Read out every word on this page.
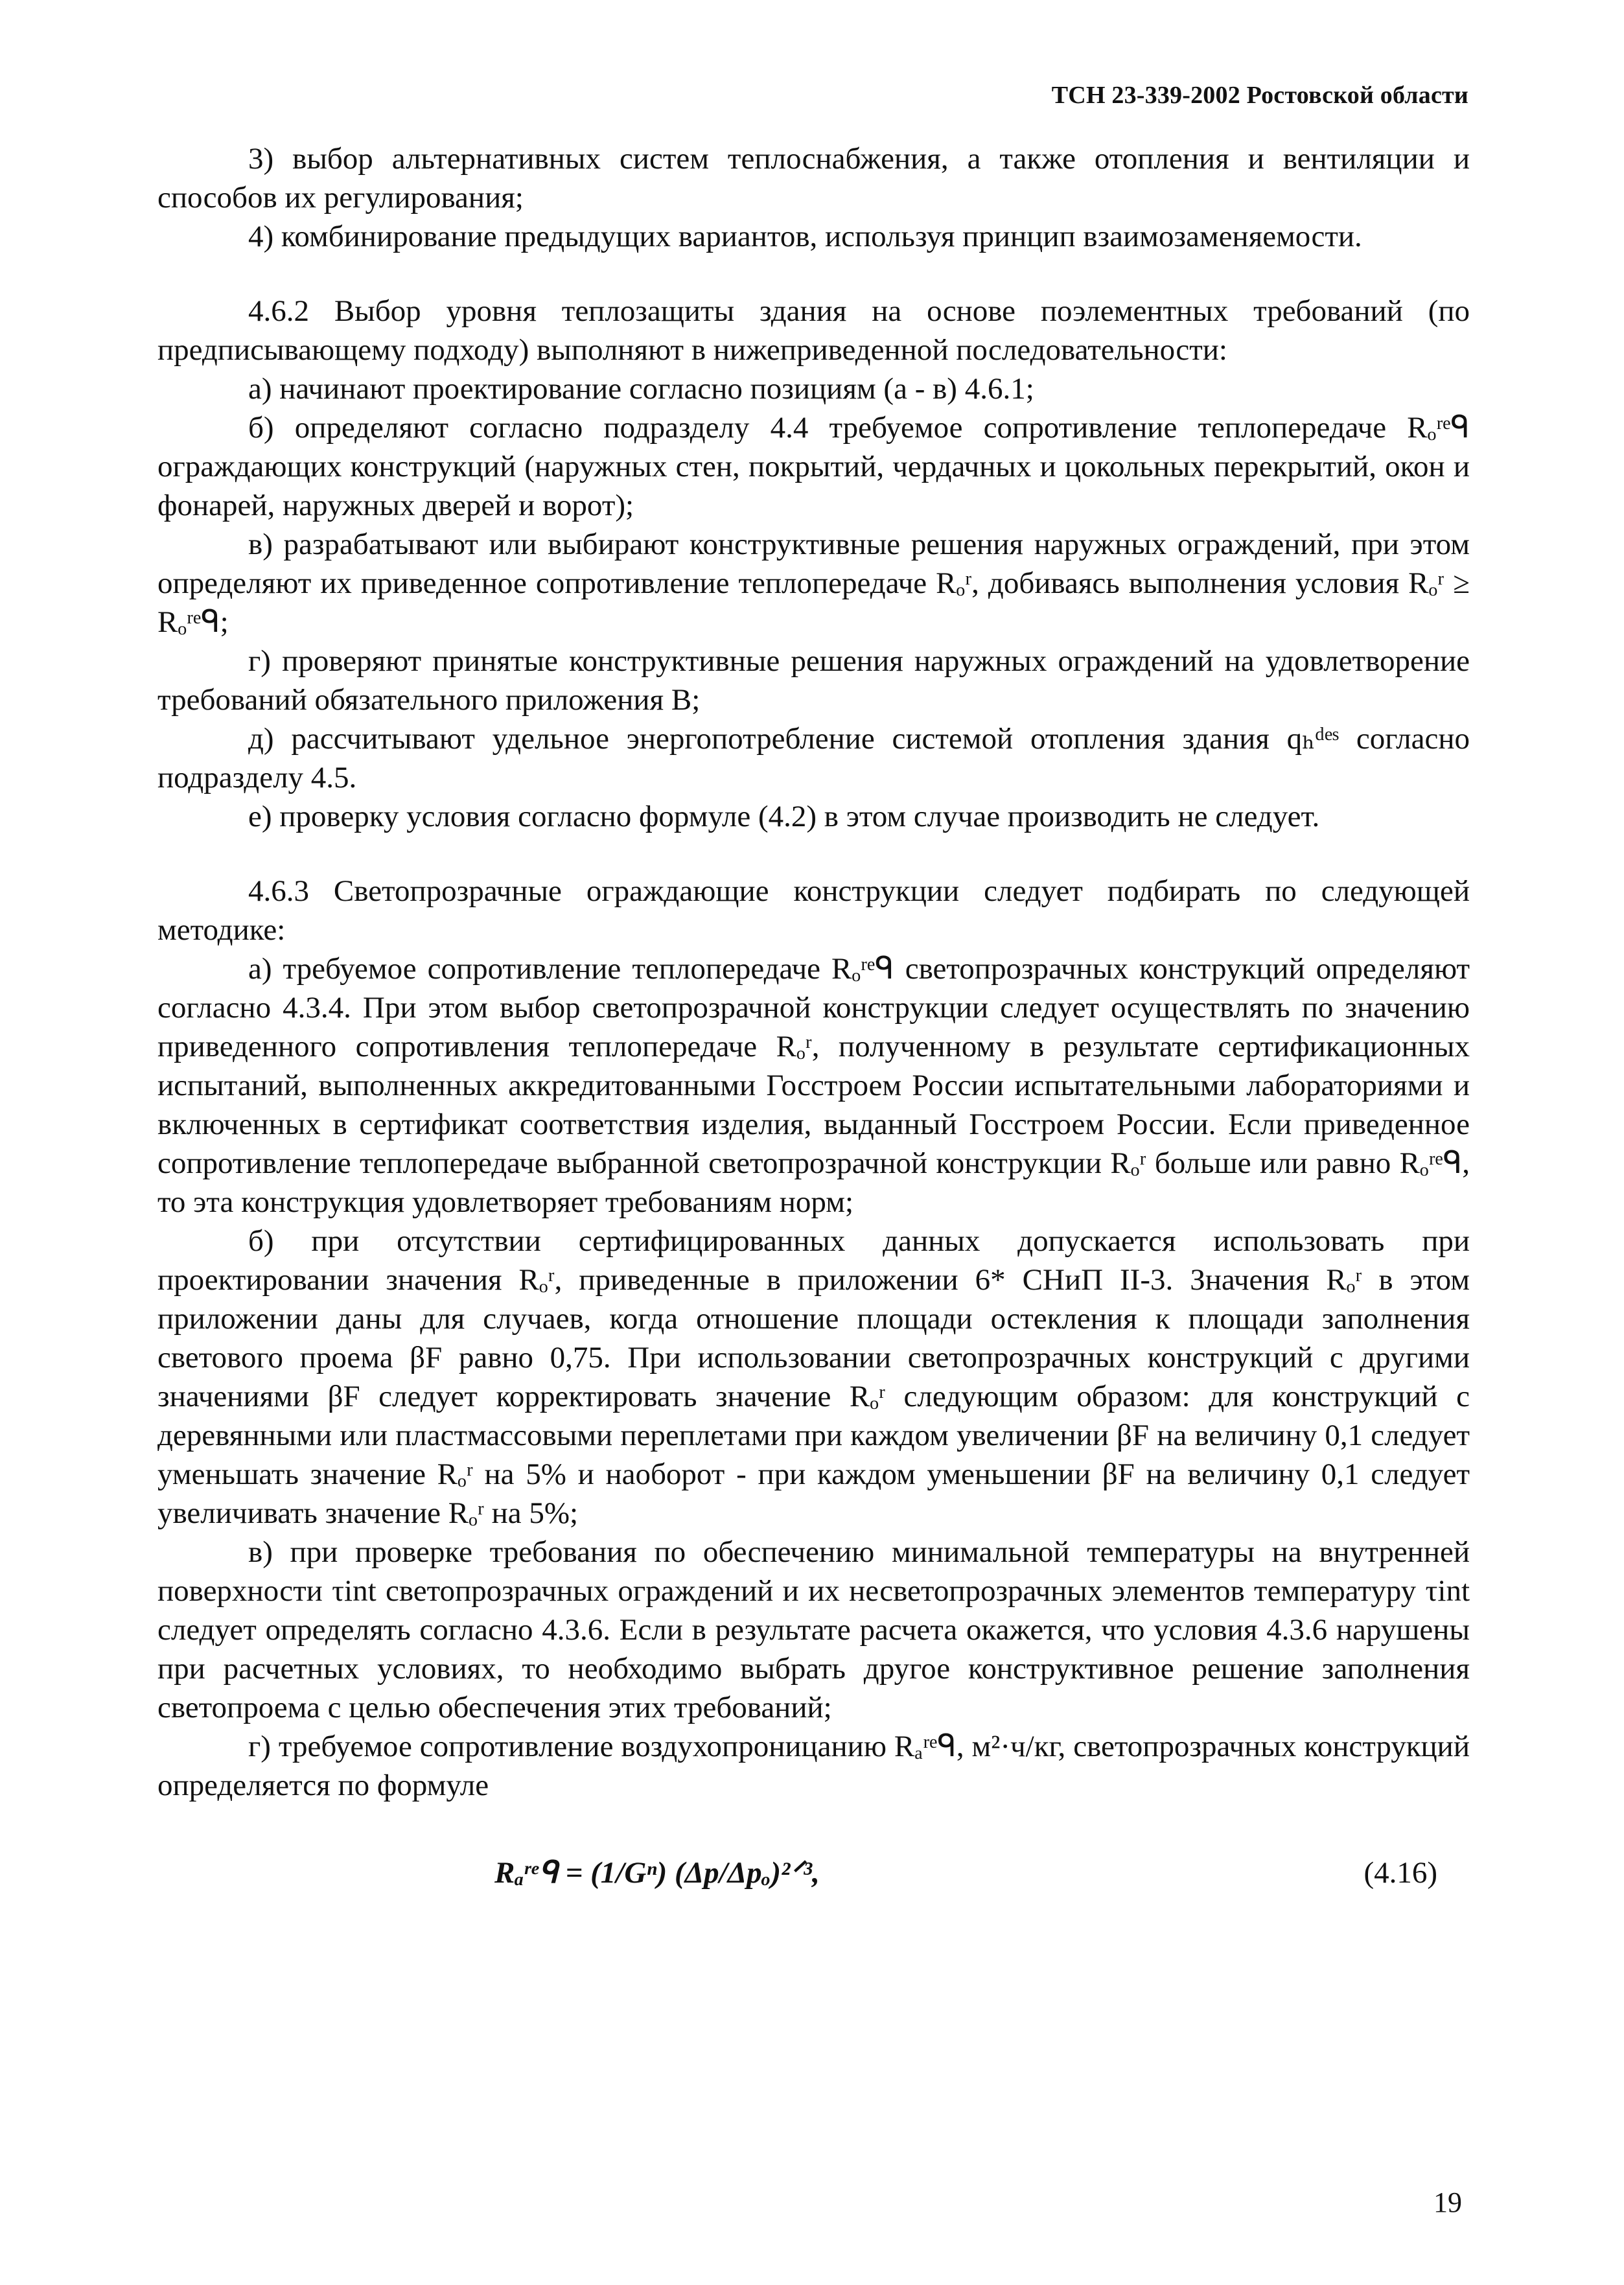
ТСН 23-339-2002 Ростовской области

3) выбор альтернативных систем теплоснабжения, а также отопления и вентиляции и способов их регулирования;

4) комбинирование предыдущих вариантов, используя принцип взаимозаменяемости.

4.6.2 Выбор уровня теплозащиты здания на основе поэлементных требований (по предписывающему подходу) выполняют в нижеприведенной последовательности:

а) начинают проектирование согласно позициям (а - в) 4.6.1;

б) определяют согласно подразделу 4.4 требуемое сопротивление теплопередаче Rₒʳᵉᑫ ограждающих конструкций (наружных стен, покрытий, чердачных и цокольных перекрытий, окон и фонарей, наружных дверей и ворот);

в) разрабатывают или выбирают конструктивные решения наружных ограждений, при этом определяют их приведенное сопротивление теплопередаче Rₒʳ, добиваясь выполнения условия Rₒʳ ≥ Rₒʳᵉᑫ;

г) проверяют принятые конструктивные решения наружных ограждений на удовлетворение требований обязательного приложения В;

д) рассчитывают удельное энергопотребление системой отопления здания qₕᵈᵉˢ согласно подразделу 4.5.

е) проверку условия согласно формуле (4.2) в этом случае производить не следует.

4.6.3 Светопрозрачные ограждающие конструкции следует подбирать по следующей методике:

а) требуемое сопротивление теплопередаче Rₒʳᵉᑫ светопрозрачных конструкций определяют согласно 4.3.4. При этом выбор светопрозрачной конструкции следует осуществлять по значению приведенного сопротивления теплопередаче Rₒʳ, полученному в результате сертификационных испытаний, выполненных аккредитованными Госстроем России испытательными лабораториями и включенных в сертификат соответствия изделия, выданный Госстроем России. Если приведенное сопротивление теплопередаче выбранной светопрозрачной конструкции Rₒʳ больше или равно Rₒʳᵉᑫ, то эта конструкция удовлетворяет требованиям норм;

б) при отсутствии сертифицированных данных допускается использовать при проектировании значения Rₒʳ, приведенные в приложении 6* СНиП II-3. Значения Rₒʳ в этом приложении даны для случаев, когда отношение площади остекления к площади заполнения светового проема βF равно 0,75. При использовании светопрозрачных конструкций с другими значениями βF следует корректировать значение Rₒʳ следующим образом: для конструкций с деревянными или пластмассовыми переплетами при каждом увеличении βF на величину 0,1 следует уменьшать значение Rₒʳ на 5% и наоборот - при каждом уменьшении βF на величину 0,1 следует увеличивать значение Rₒʳ на 5%;

в) при проверке требования по обеспечению минимальной температуры на внутренней поверхности τint светопрозрачных ограждений и их несветопрозрачных элементов температуру τint следует определять согласно 4.3.6. Если в результате расчета окажется, что условия 4.3.6 нарушены при расчетных условиях, то необходимо выбрать другое конструктивное решение заполнения светопроема с целью обеспечения этих требований;

г) требуемое сопротивление воздухопроницанию Rₐʳᵉᑫ, м²·ч/кг, светопрозрачных конструкций определяется по формуле

Rₐʳᵉᑫ = (1/Gⁿ) (Δp/Δpₒ)²ᐟ³,	(4.16)
19
